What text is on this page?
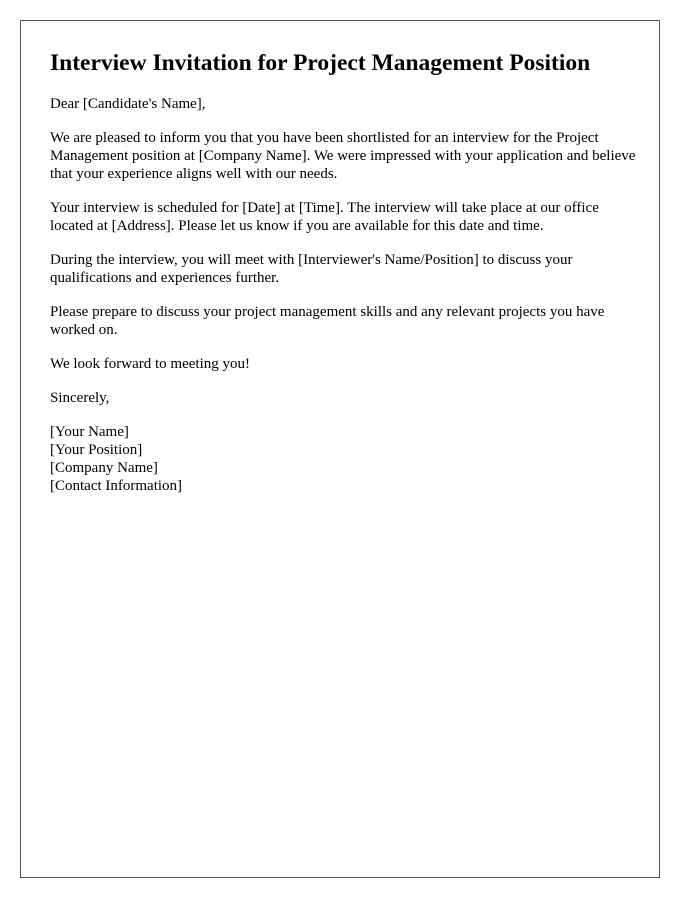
Interview Invitation for Project Management Position

Dear [Candidate's Name],

We are pleased to inform you that you have been shortlisted for an interview for the Project Management position at [Company Name]. We were impressed with your application and believe that your experience aligns well with our needs.

Your interview is scheduled for [Date] at [Time]. The interview will take place at our office located at [Address]. Please let us know if you are available for this date and time.

During the interview, you will meet with [Interviewer's Name/Position] to discuss your qualifications and experiences further.

Please prepare to discuss your project management skills and any relevant projects you have worked on.

We look forward to meeting you!

Sincerely,

[Your Name]
[Your Position]
[Company Name]
[Contact Information]
